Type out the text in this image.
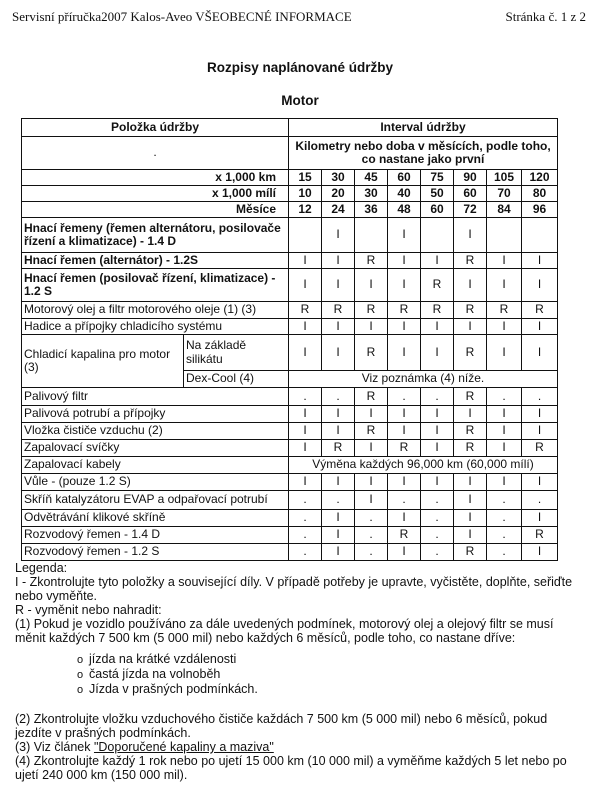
Servisní příručka2007 Kalos-Aveo VŠEOBECNÉ INFORMACE	Stránka č. 1 z 2
Rozpisy naplánované údržby
Motor
Položka údržby		Interval údržby							
.		Kilometry nebo doba v měsících, podle toho, co nastane jako první							
x 1,000 km		15	30	45	60	75	90	105	120
x 1,000 mílí		10	20	30	40	50	60	70	80
Měsíce		12	24	36	48	60	72	84	96
Hnací řemeny (řemen alternátoru, posilovače řízení a klimatizace) - 1.4 D			I		I		I		
Hnací řemen (alternátor) - 1.2S		I	I	R	I	I	R	I	I
Hnací řemen (posilovač řízení, klimatizace) - 1.2 S		I	I	I	I	R	I	I	I
Motorový olej a filtr motorového oleje (1) (3)		R	R	R	R	R	R	R	R
Hadice a přípojky chladicího systému		I	I	I	I	I	I	I	I
Chladicí kapalina pro motor (3)	Na základě silikátu	I	I	R	I	I	R	I	I
	Dex-Cool (4)	Viz poznámka (4) níže.							
Palivový filtr		.	.	R	.	.	R	.	.
Palivová potrubí a přípojky		I	I	I	I	I	I	I	I
Vložka čističe vzduchu (2)		I	I	R	I	I	R	I	I
Zapalovací svíčky		I	R	I	R	I	R	I	R
Zapalovací kabely		Výměna každých 96,000 km (60,000 mílí)							
Vůle - (pouze 1.2 S)		I	I	I	I	I	I	I	I
Skříň katalyzátoru EVAP a odpařovací potrubí		.	.	I	.	.	I	.	.
Odvětrávání klikové skříně		.	I	.	I	.	I	.	I
Rozvodový řemen - 1.4 D		.	I	.	R	.	I	.	R
Rozvodový řemen - 1.2 S		.	I	.	I	.	R	.	I

Legenda:

I - Zkontrolujte tyto položky a související díly. V případě potřeby je upravte, vyčistěte, doplňte, seřiďte nebo vyměňte.

R - vyměnit nebo nahradit:

(1) Pokud je vozidlo používáno za dále uvedených podmínek, motorový olej a olejový filtr se musí měnit každých 7 500 km (5 000 mil) nebo každých 6 měsíců, podle toho, co nastane dříve:

o jízda na krátké vzdálenosti
o častá jízda na volnoběh
o Jízda v prašných podmínkách.

(2) Zkontrolujte vložku vzduchového čističe každách 7 500 km (5 000 mil) nebo 6 měsíců, pokud jezdíte v prašných podmínkách.

(3) Viz článek "Doporučené kapaliny a maziva"

(4) Zkontrolujte každý 1 rok nebo po ujetí 15 000 km (10 000 mil) a vyměňme každých 5 let nebo po ujetí 240 000 km (150 000 mil).
